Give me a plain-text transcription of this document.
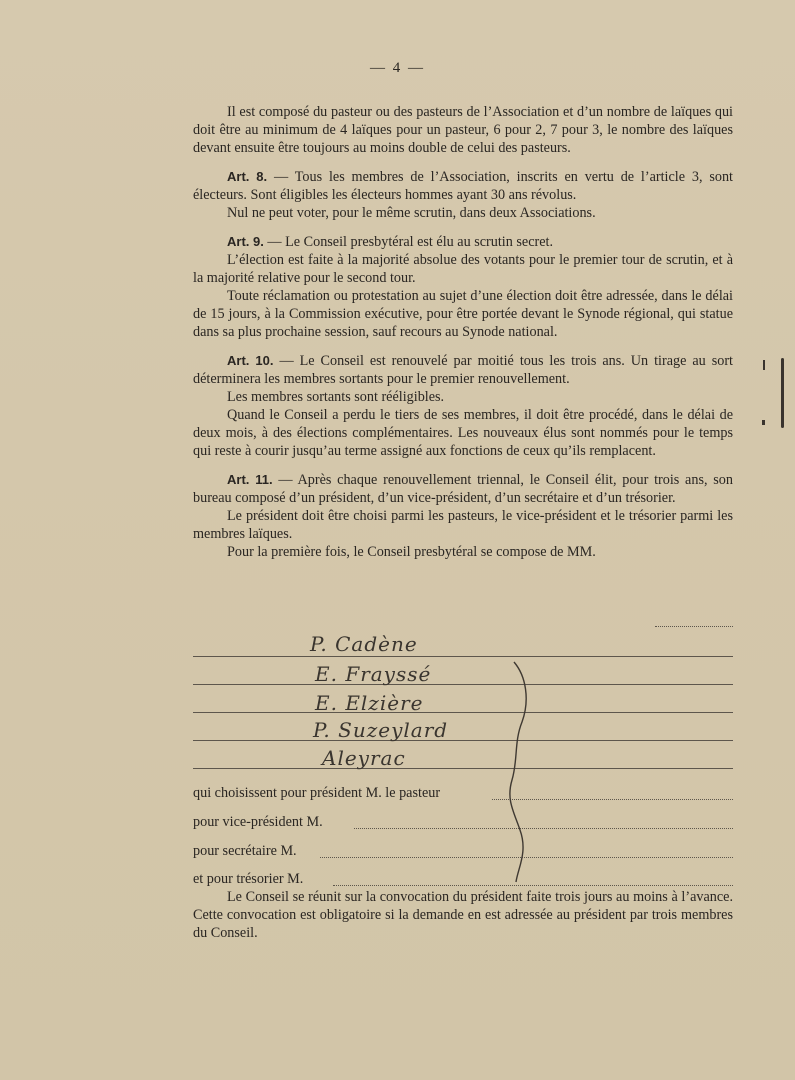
— 4 —

Il est composé du pasteur ou des pasteurs de l’Association et d’un nombre de laïques qui doit être au minimum de 4 laïques pour un pasteur, 6 pour 2, 7 pour 3, le nombre des laïques devant ensuite être toujours au moins double de celui des pasteurs.

Art. 8. — Tous les membres de l’Association, inscrits en vertu de l’article 3, sont électeurs. Sont éligibles les électeurs hommes ayant 30 ans révolus.

Nul ne peut voter, pour le même scrutin, dans deux Associations.

Art. 9. — Le Conseil presbytéral est élu au scrutin secret.

L’élection est faite à la majorité absolue des votants pour le premier tour de scrutin, et à la majorité relative pour le second tour.

Toute réclamation ou protestation au sujet d’une élection doit être adressée, dans le délai de 15 jours, à la Commission exécutive, pour être portée devant le Synode régional, qui statue dans sa plus prochaine session, sauf recours au Synode national.

Art. 10. — Le Conseil est renouvelé par moitié tous les trois ans. Un tirage au sort déterminera les membres sortants pour le premier renouvellement.

Les membres sortants sont rééligibles.

Quand le Conseil a perdu le tiers de ses membres, il doit être procédé, dans le délai de deux mois, à des élections complémentaires. Les nouveaux élus sont nommés pour le temps qui reste à courir jusqu’au terme assigné aux fonctions de ceux qu’ils remplacent.

Art. 11. — Après chaque renouvellement triennal, le Conseil élit, pour trois ans, son bureau composé d’un président, d’un vice-président, d’un secrétaire et d’un trésorier.

Le président doit être choisi parmi les pasteurs, le vice-président et le trésorier parmi les membres laïques.

Pour la première fois, le Conseil presbytéral se compose de MM.

P. Cadène
E. Frayssé
E. Elzière
P. Suzeylard
Aleyrac
qui choisissent pour président M. le pasteur
pour vice-président M.
pour secrétaire M.
et pour trésorier M.

Le Conseil se réunit sur la convocation du président faite trois jours au moins à l’avance. Cette convocation est obligatoire si la demande en est adressée au président par trois membres du Conseil.
